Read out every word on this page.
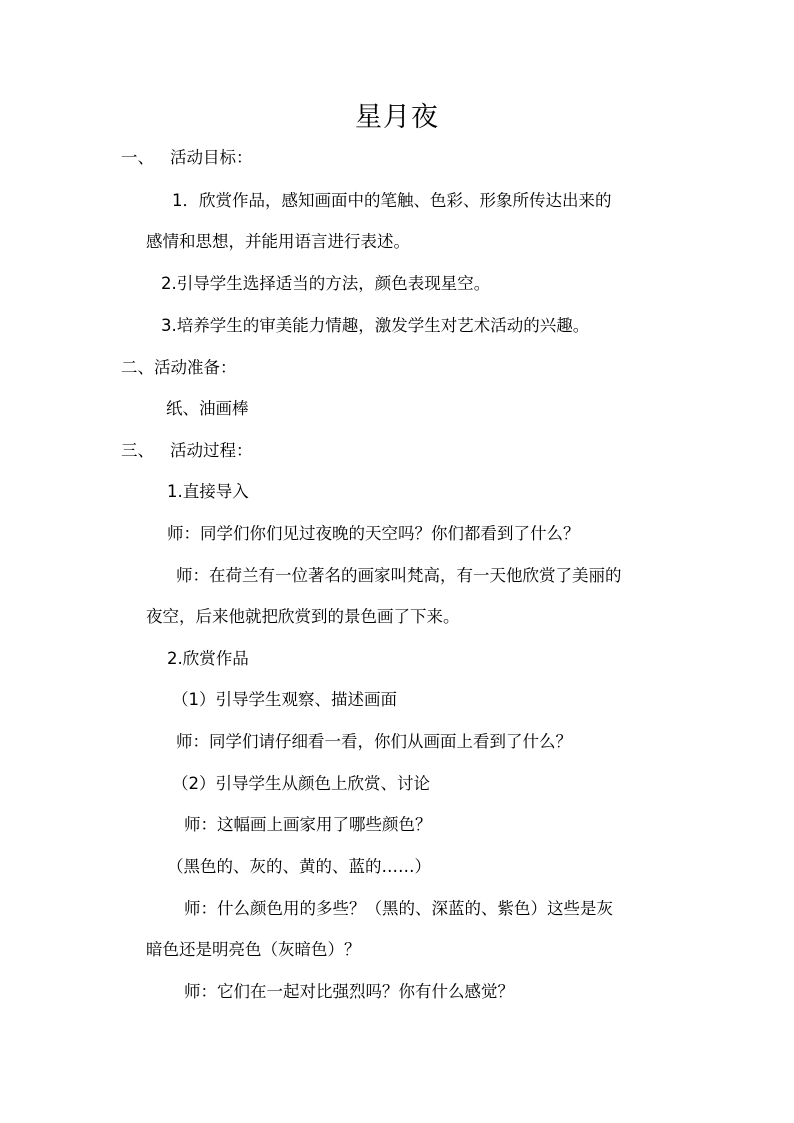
星月夜
一、 活动目标：
1．欣赏作品，感知画面中的笔触、色彩、形象所传达出来的
感情和思想，并能用语言进行表述。
2.引导学生选择适当的方法，颜色表现星空。
3.培养学生的审美能力情趣，激发学生对艺术活动的兴趣。
二、活动准备：
纸、油画棒
三、 活动过程：
1.直接导入
师：同学们你们见过夜晚的天空吗？你们都看到了什么？
师：在荷兰有一位著名的画家叫梵高，有一天他欣赏了美丽的
夜空，后来他就把欣赏到的景色画了下来。
2.欣赏作品
（1）引导学生观察、描述画面
师：同学们请仔细看一看，你们从画面上看到了什么？
（2）引导学生从颜色上欣赏、讨论
师：这幅画上画家用了哪些颜色？
（黑色的、灰的、黄的、蓝的……）
师：什么颜色用的多些？（黑的、深蓝的、紫色）这些是灰
暗色还是明亮色（灰暗色）？
师：它们在一起对比强烈吗？你有什么感觉？
